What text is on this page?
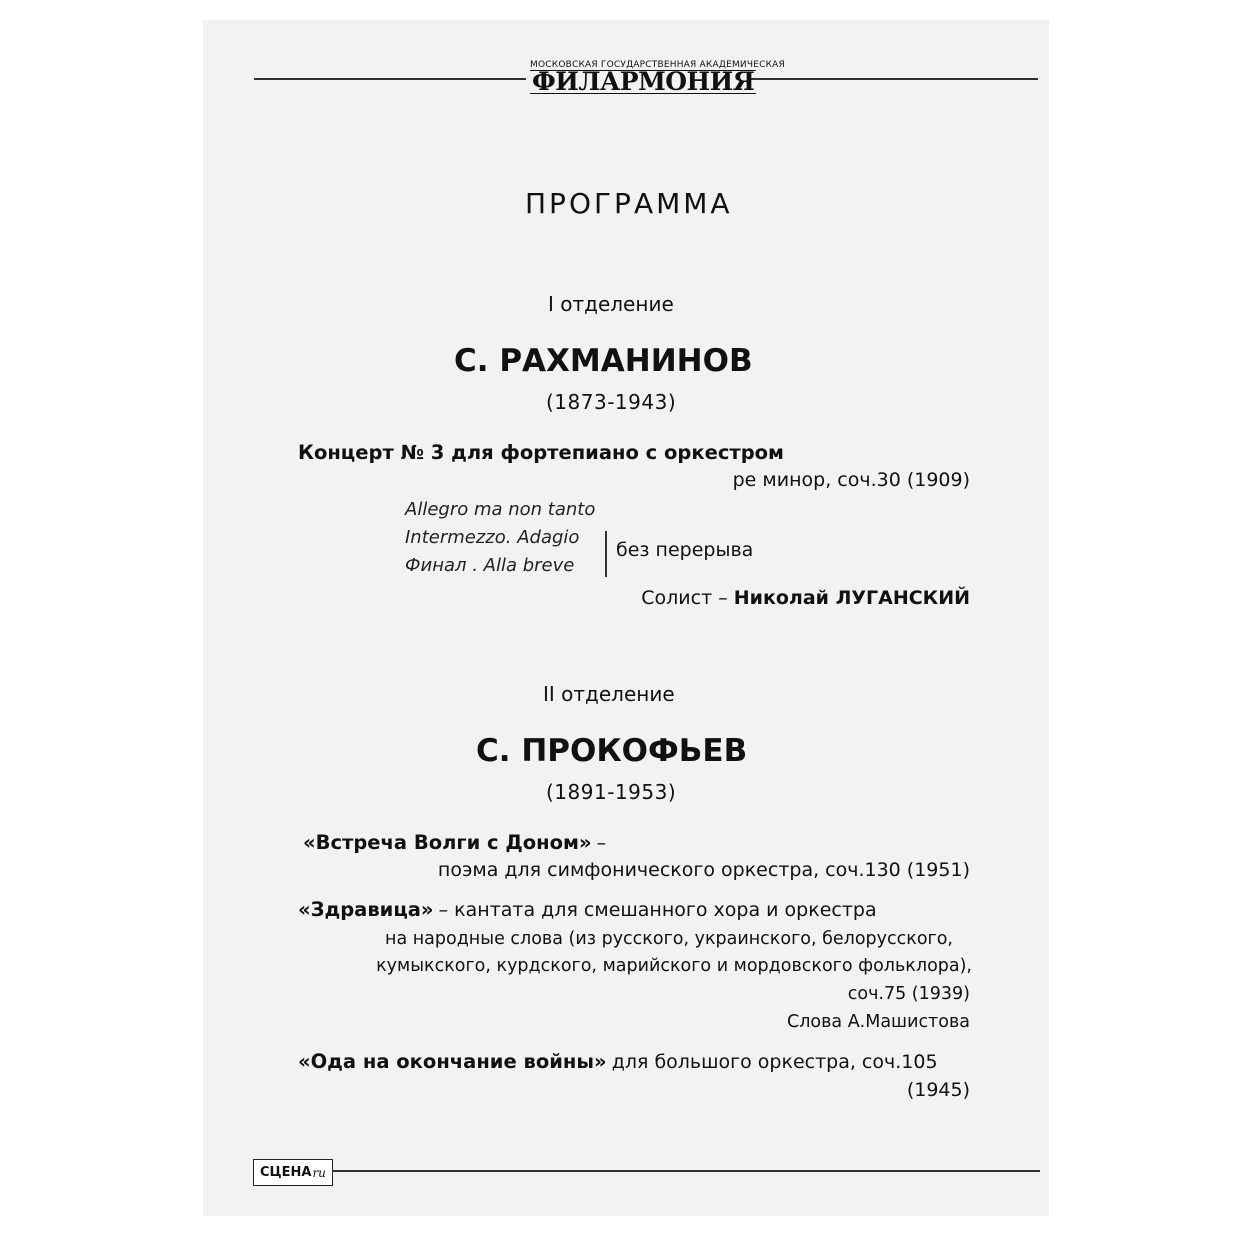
МОСКОВСКАЯ ГОСУДАРСТВЕННАЯ АКАДЕМИЧЕСКАЯ
ФИЛАРМОНИЯ
ПРОГРАММА
I отделение
С. РАХМАНИНОВ
(1873-1943)
Концерт № 3 для фортепиано с оркестром
ре минор, соч.30 (1909)
Allegro ma non tanto
Intermezzo. Adagio
Финал . Alla breve
без перерыва
Солист – Николай ЛУГАНСКИЙ
II отделение
С. ПРОКОФЬЕВ
(1891-1953)
«Встреча Волги с Доном» –
поэма для симфонического оркестра, соч.130 (1951)
«Здравица» – кантата для смешанного хора и оркестра
на народные слова (из русского, украинского, белорусского,
кумыкского, курдского, марийского и мордовского фольклора),
соч.75 (1939)
Слова А.Машистова
«Ода на окончание войны» для большого оркестра, соч.105
(1945)
СЦЕНА ru
